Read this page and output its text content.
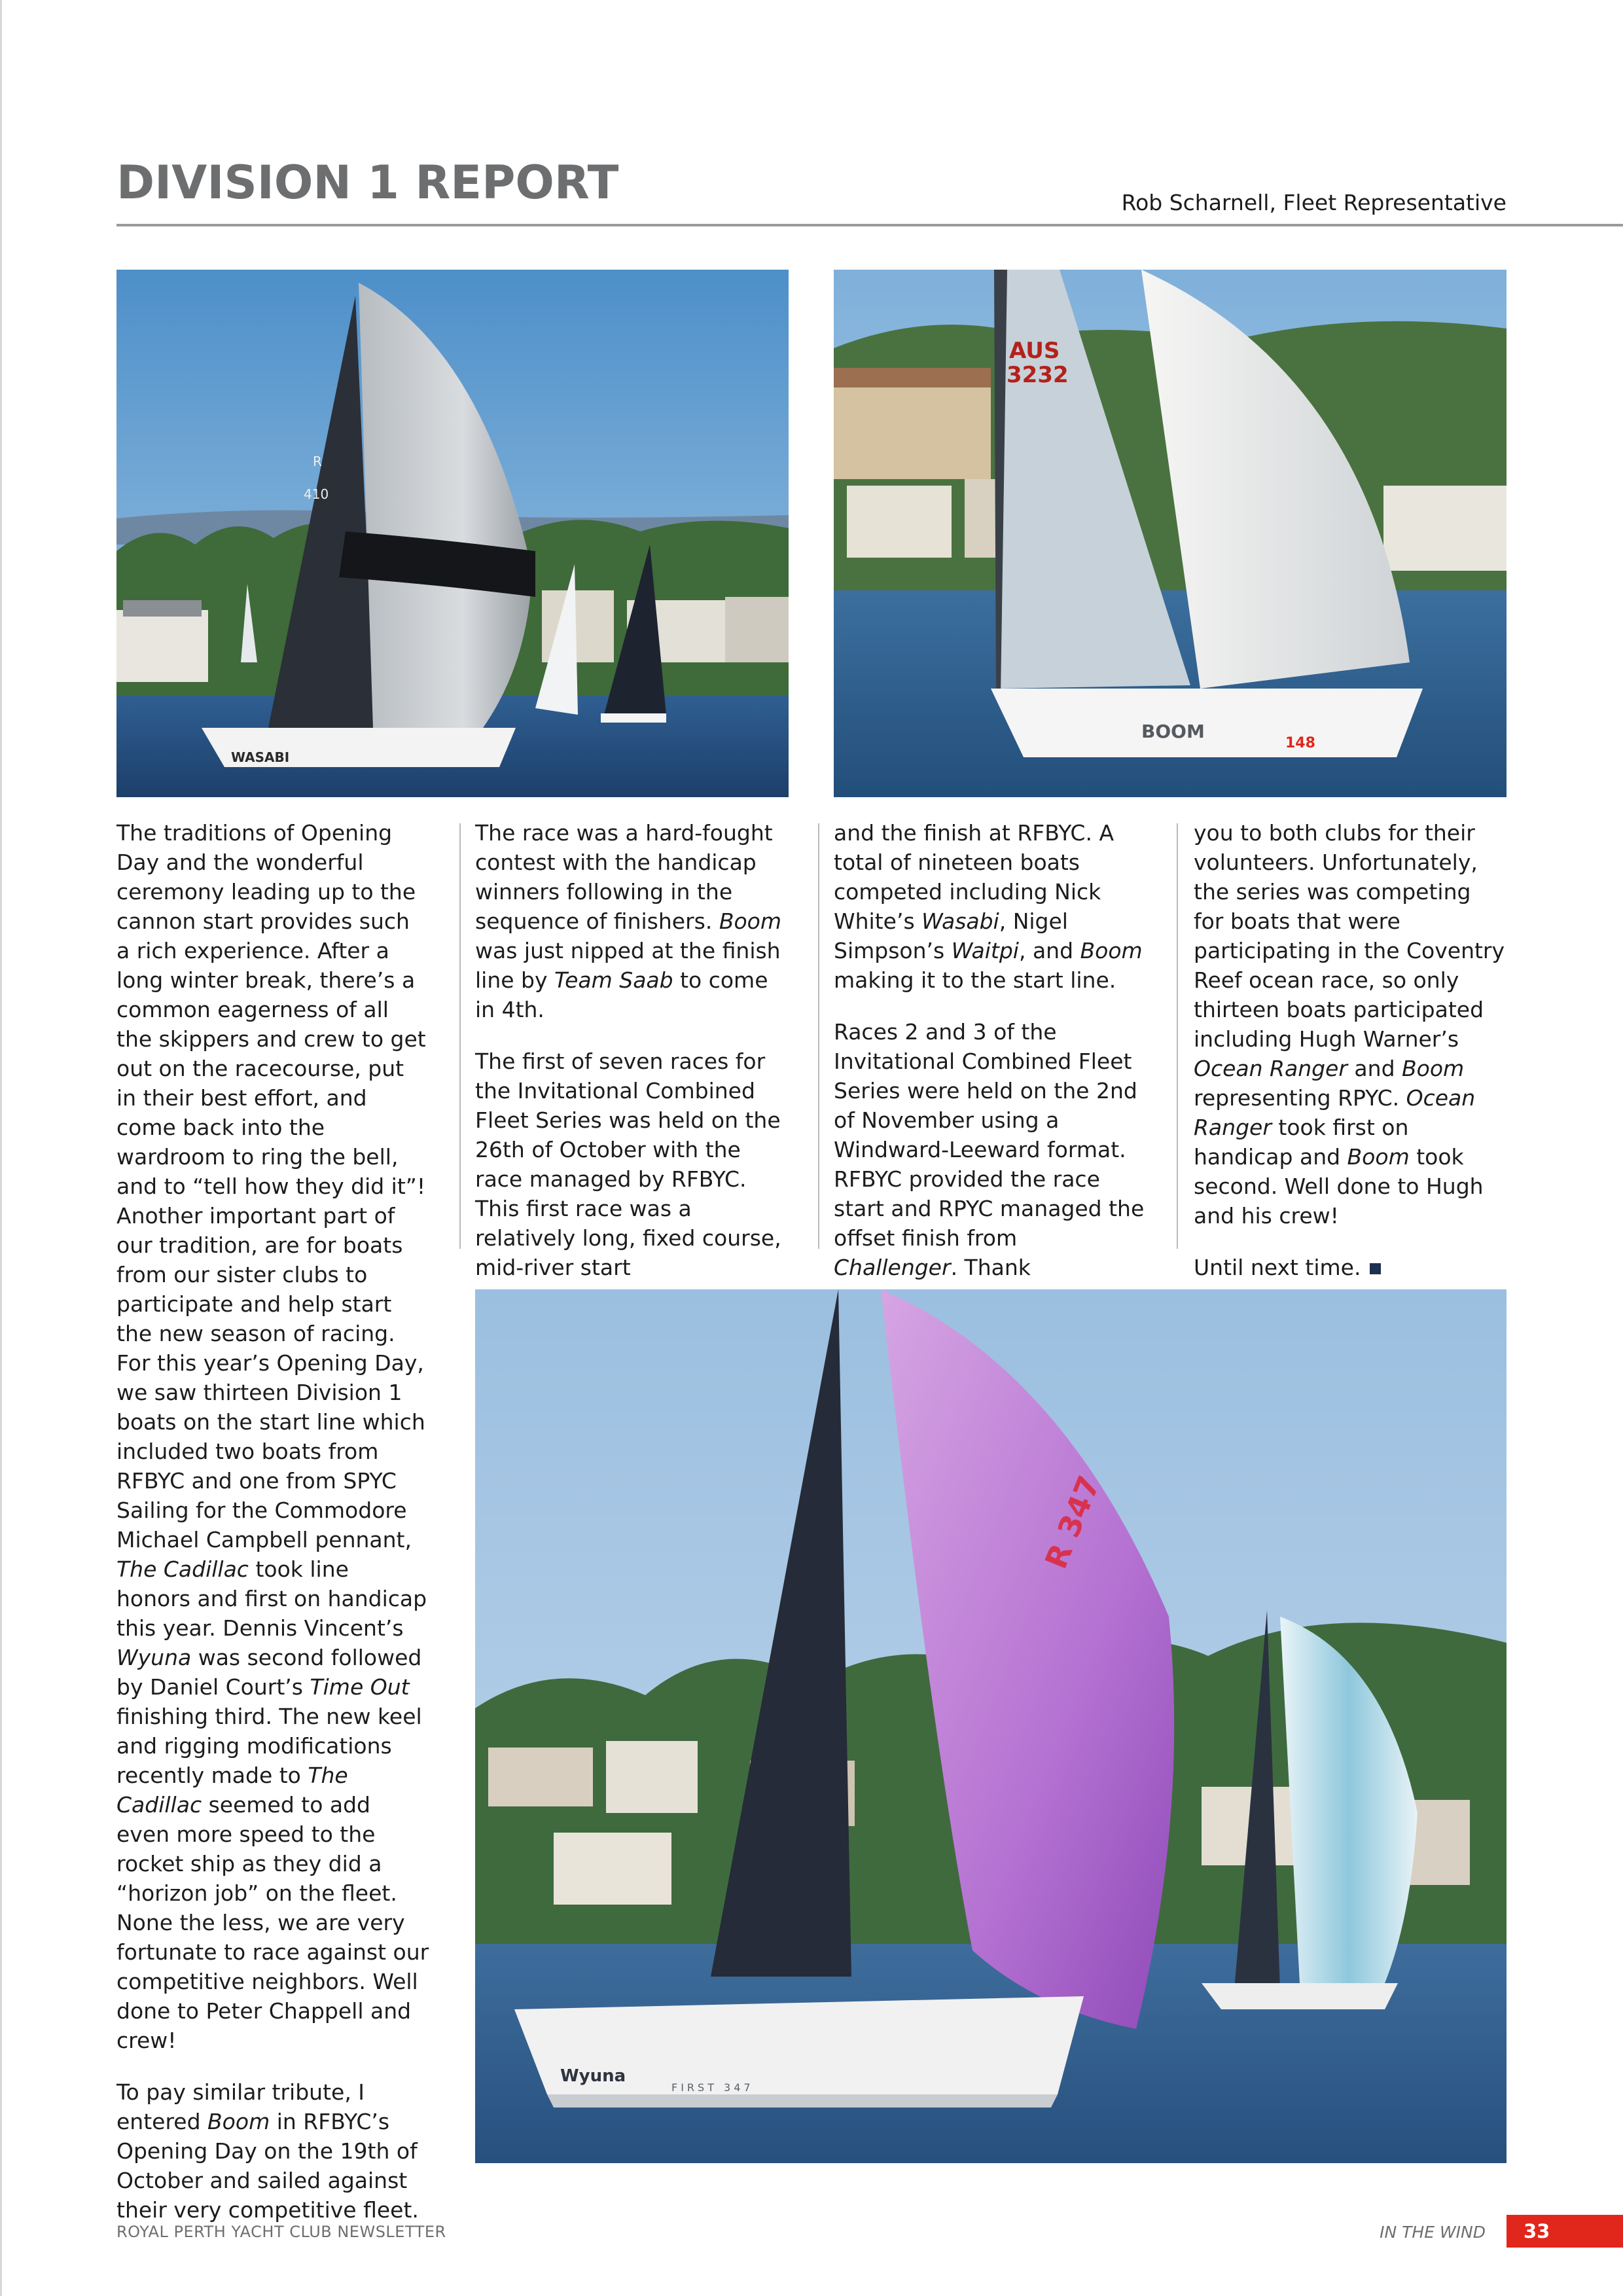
DIVISION 1 REPORT	Rob Scharnell, Fleet Representative
WASABI
R
410
AUS
3232
BOOM
148

The traditions of Opening Day and the wonderful ceremony leading up to the cannon start provides such a rich experience. After a long winter break, there’s a common eagerness of all the skippers and crew to get out on the racecourse, put in their best effort, and come back into the wardroom to ring the bell, and to “tell how they did it”! Another important part of our tradition, are for boats from our sister clubs to participate and help start the new season of racing. For this year’s Opening Day, we saw thirteen Division 1 boats on the start line which included two boats from RFBYC and one from SPYC Sailing for the Commodore Michael Campbell pennant, The Cadillac took line honors and first on handicap this year. Dennis Vincent’s Wyuna was second followed by Daniel Court’s Time Out finishing third. The new keel and rigging modifications recently made to The Cadillac seemed to add even more speed to the rocket ship as they did a “horizon job” on the fleet. None the less, we are very fortunate to race against our competitive neighbors. Well done to Peter Chappell and crew!

To pay similar tribute, I entered Boom in RFBYC’s Opening Day on the 19th of October and sailed against their very competitive fleet.

The race was a hard-fought contest with the handicap winners following in the sequence of finishers. Boom was just nipped at the finish line by Team Saab to come in 4th.

The first of seven races for the Invitational Combined Fleet Series was held on the 26th of October with the race managed by RFBYC. This first race was a relatively long, fixed course, mid-river start

and the finish at RFBYC. A total of nineteen boats competed including Nick White’s Wasabi, Nigel Simpson’s Waitpi, and Boom making it to the start line.

Races 2 and 3 of the Invitational Combined Fleet Series were held on the 2nd of November using a Windward-Leeward format. RFBYC provided the race start and RPYC managed the offset finish from Challenger. Thank

you to both clubs for their volunteers. Unfortunately, the series was competing for boats that were participating in the Coventry Reef ocean race, so only thirteen boats participated including Hugh Warner’s Ocean Ranger and Boom representing RPYC. Ocean Ranger took first on handicap and Boom took second. Well done to Hugh and his crew!

Until next time.

Wyuna
FIRST 347
R 347
ROYAL PERTH YACHT CLUB NEWSLETTER	IN THE WIND	33
